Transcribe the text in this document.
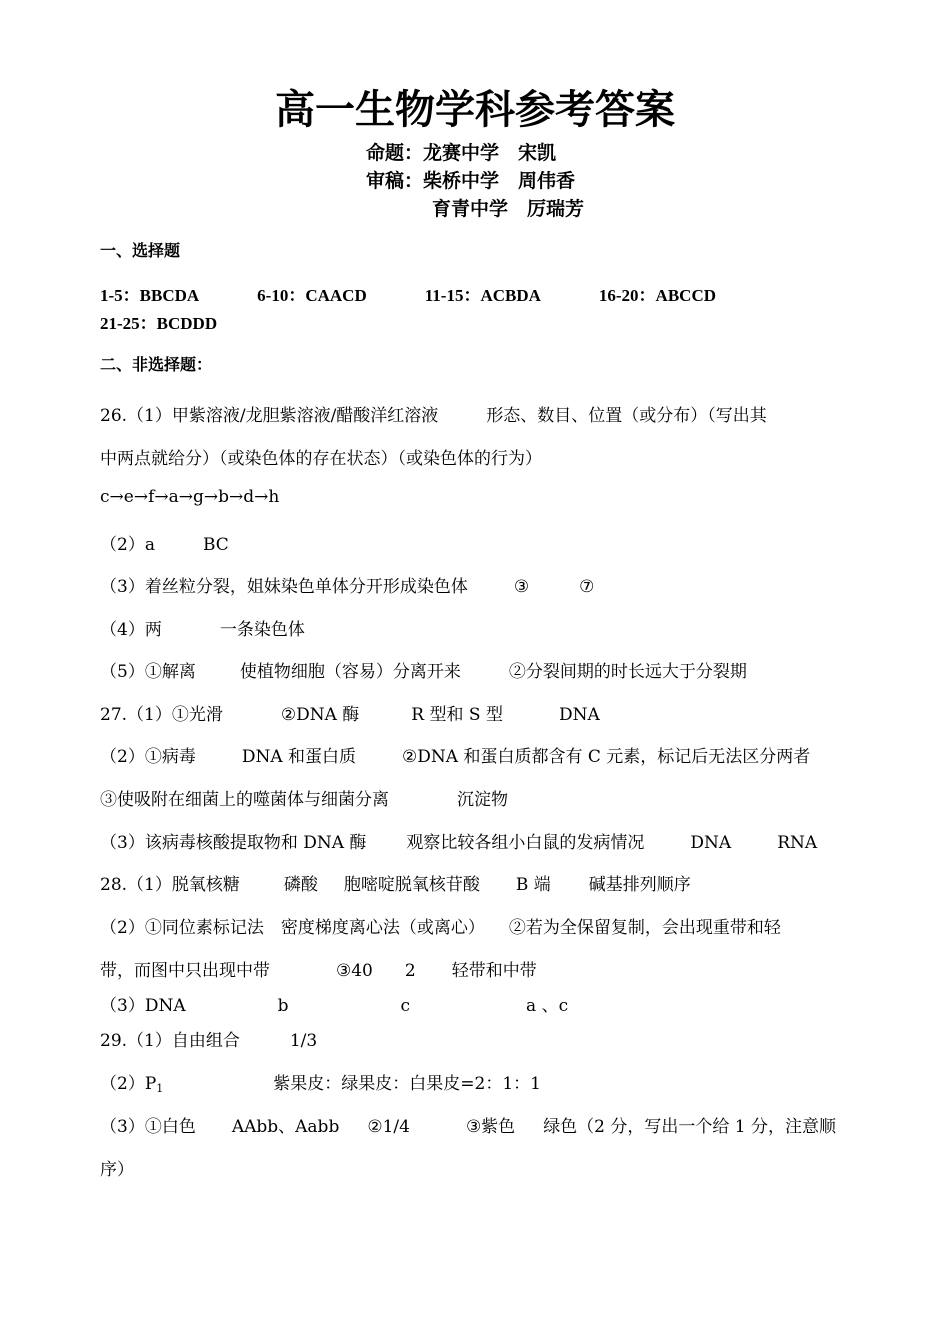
高一生物学科参考答案
命题：龙赛中学　宋凯
审稿：柴桥中学　周伟香
育青中学　厉瑞芳
一、选择题
1-5：BBCDA	6-10：CAACD	11-15：ACBDA	16-20：ABCCD
21-25：BCDDD
二、非选择题：
26.（1）甲紫溶液/龙胆紫溶液/醋酸洋红溶液	形态、数目、位置（或分布）（写出其
中两点就给分）（或染色体的存在状态）（或染色体的行为）
c→e→f→a→g→b→d→h
（2）a	BC
（3）着丝粒分裂，姐妹染色单体分开形成染色体	③	⑦
（4）两	一条染色体
（5）①解离	使植物细胞（容易）分离开来	②分裂间期的时长远大于分裂期
27.（1）①光滑	②DNA 酶	R 型和 S 型	DNA
（2）①病毒	DNA 和蛋白质	②DNA 和蛋白质都含有 C 元素，标记后无法区分两者
③使吸附在细菌上的噬菌体与细菌分离	沉淀物
（3）该病毒核酸提取物和 DNA 酶 观察比较各组小白鼠的发病情况	DNA	RNA
28.（1）脱氧核糖	磷酸 胞嘧啶脱氧核苷酸 B 端 碱基排列顺序
（2）①同位素标记法　密度梯度离心法（或离心） ②若为全保留复制，会出现重带和轻
带，而图中只出现中带	③40 2 轻带和中带
（3）DNA	b	c	a 、c
29.（1）自由组合	1/3
$(2)P_1$	紫果皮：绿果皮：白果皮=2：1：1
（3）①白色 AAbb、Aabb ②1/4	③紫色 绿色（2 分，写出一个给 1 分，注意顺
序）
